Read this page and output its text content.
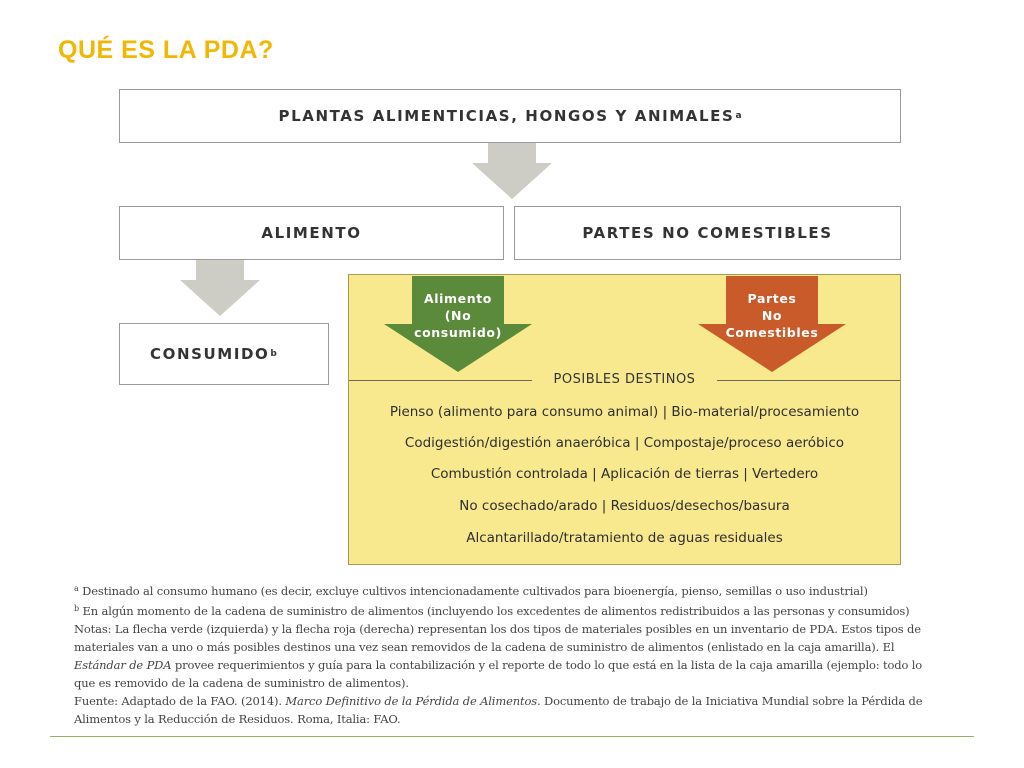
QUÉ ES LA PDA?
PLANTAS ALIMENTICIAS, HONGOS Y ANIMALES a
ALIMENTO	PARTES NO COMESTIBLES
CONSUMIDO b
POSIBLES DESTINOS
Pienso (alimento para consumo animal) | Bio-material/procesamiento
Codigestión/digestión anaeróbica | Compostaje/proceso aeróbico
Combustión controlada | Aplicación de tierras | Vertedero
No cosechado/arado | Residuos/desechos/basura
Alcantarillado/tratamiento de aguas residuales
Alimento
(No
consumido)
Partes
No
Comestibles
$^a$ Destinado al consumo humano (es decir, excluye cultivos intencionadamente cultivados para bioenergía, pienso, semillas o uso industrial)
$^b$ En algún momento de la cadena de suministro de alimentos (incluyendo los excedentes de alimentos redistribuidos a las personas y consumidos)
Notas: La flecha verde (izquierda) y la flecha roja (derecha) representan los dos tipos de materiales posibles en un inventario de PDA. Estos tipos de
materiales van a uno o más posibles destinos una vez sean removidos de la cadena de suministro de alimentos (enlistado en la caja amarilla). El
Estándar de PDA provee requerimientos y guía para la contabilización y el reporte de todo lo que está en la lista de la caja amarilla (ejemplo: todo lo
que es removido de la cadena de suministro de alimentos).
Fuente: Adaptado de la FAO. (2014). Marco Definitivo de la Pérdida de Alimentos. Documento de trabajo de la Iniciativa Mundial sobre la Pérdida de
Alimentos y la Reducción de Residuos. Roma, Italia: FAO.
